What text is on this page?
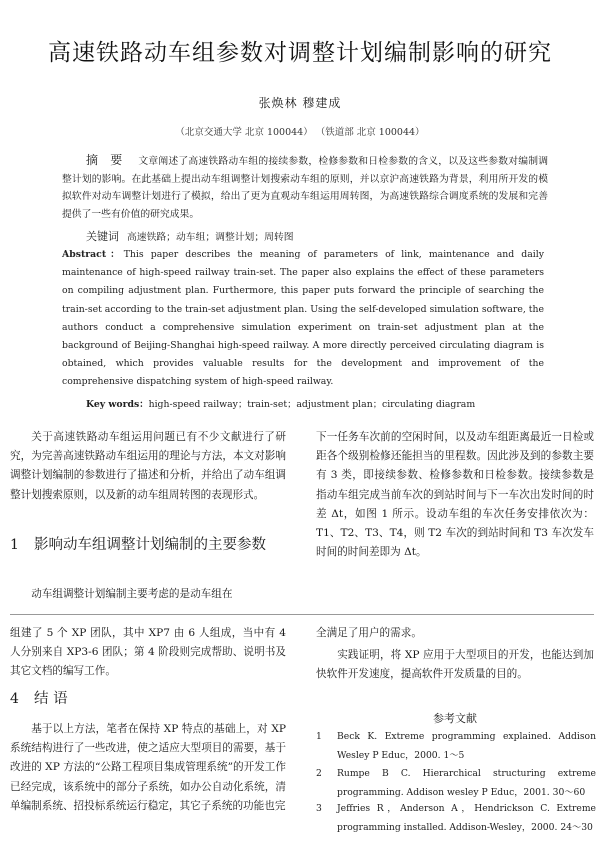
高速铁路动车组参数对调整计划编制影响的研究
张焕林 穆建成
（北京交通大学 北京 100044） （铁道部 北京 100044）
摘 要 文章阐述了高速铁路动车组的接续参数，检修参数和日检参数的含义，以及这些参数对编制调整计划的影响。在此基础上提出动车组调整计划搜索动车组的原则，并以京沪高速铁路为背景，利用所开发的模拟软件对动车调整计划进行了模拟，给出了更为直观动车组运用周转图，为高速铁路综合调度系统的发展和完善提供了一些有价值的研究成果。
关键词 高速铁路；动车组；调整计划；周转图
Abstract：This paper describes the meaning of parameters of link, maintenance and daily maintenance of high-speed railway train-set. The paper also explains the effect of these parameters on compiling adjustment plan. Furthermore, this paper puts forward the principle of searching the train-set according to the train-set adjustment plan. Using the self-developed simulation software, the authors conduct a comprehensive simulation experiment on train-set adjustment plan at the background of Beijing-Shanghai high-speed railway. A more directly perceived circulating diagram is obtained, which provides valuable results for the development and improvement of the comprehensive dispatching system of high-speed railway.
Key words：high-speed railway；train-set；adjustment plan；circulating diagram
关于高速铁路动车组运用问题已有不少文献进行了研究，为完善高速铁路动车组运用的理论与方法，本文对影响调整计划编制的参数进行了描述和分析，并给出了动车组调整计划搜索原则，以及新的动车组周转图的表现形式。
1	影响动车组调整计划编制的主要参数
动车组调整计划编制主要考虑的是动车组在
下一任务车次前的空闲时间，以及动车组距离最近一日检或距各个级别检修还能担当的里程数。因此涉及到的参数主要有 3 类，即接续参数、检修参数和日检参数。接续参数是指动车组完成当前车次的到站时间与下一车次出发时间的时差 Δt，如图 1 所示。设动车组的车次任务安排依次为：T1、T2、T3、T4，则 T2 车次的到站时间和 T3 车次发车时间的时间差即为 Δt。
组建了 5 个 XP 团队，其中 XP7 由 6 人组成，当中有 4 人分别来自 XP3-6 团队；第 4 阶段则完成帮助、说明书及其它文档的编写工作。
4 结 语
基于以上方法，笔者在保持 XP 特点的基础上，对 XP 系统结构进行了一些改进，使之适应大型项目的需要，基于改进的 XP 方法的“公路工程项目集成管理系统”的开发工作已经完成，该系统中的部分子系统，如办公自动化系统，清单编制系统、招投标系统运行稳定，其它子系统的功能也完
全满足了用户的需求。
实践证明，将 XP 应用于大型项目的开发，也能达到加快软件开发速度，提高软件开发质量的目的。
参考文献
1 Beck K. Extreme programming explained. Addison Wesley P Educ，2000. 1～5
2 Rumpe B C. Hierarchical structuring extreme programming. Addison wesley P Educ，2001. 30～60
3 Jeffries R，Anderson A，Hendrickson C. Extreme programming installed. Addison-Wesley，2000. 24～30
